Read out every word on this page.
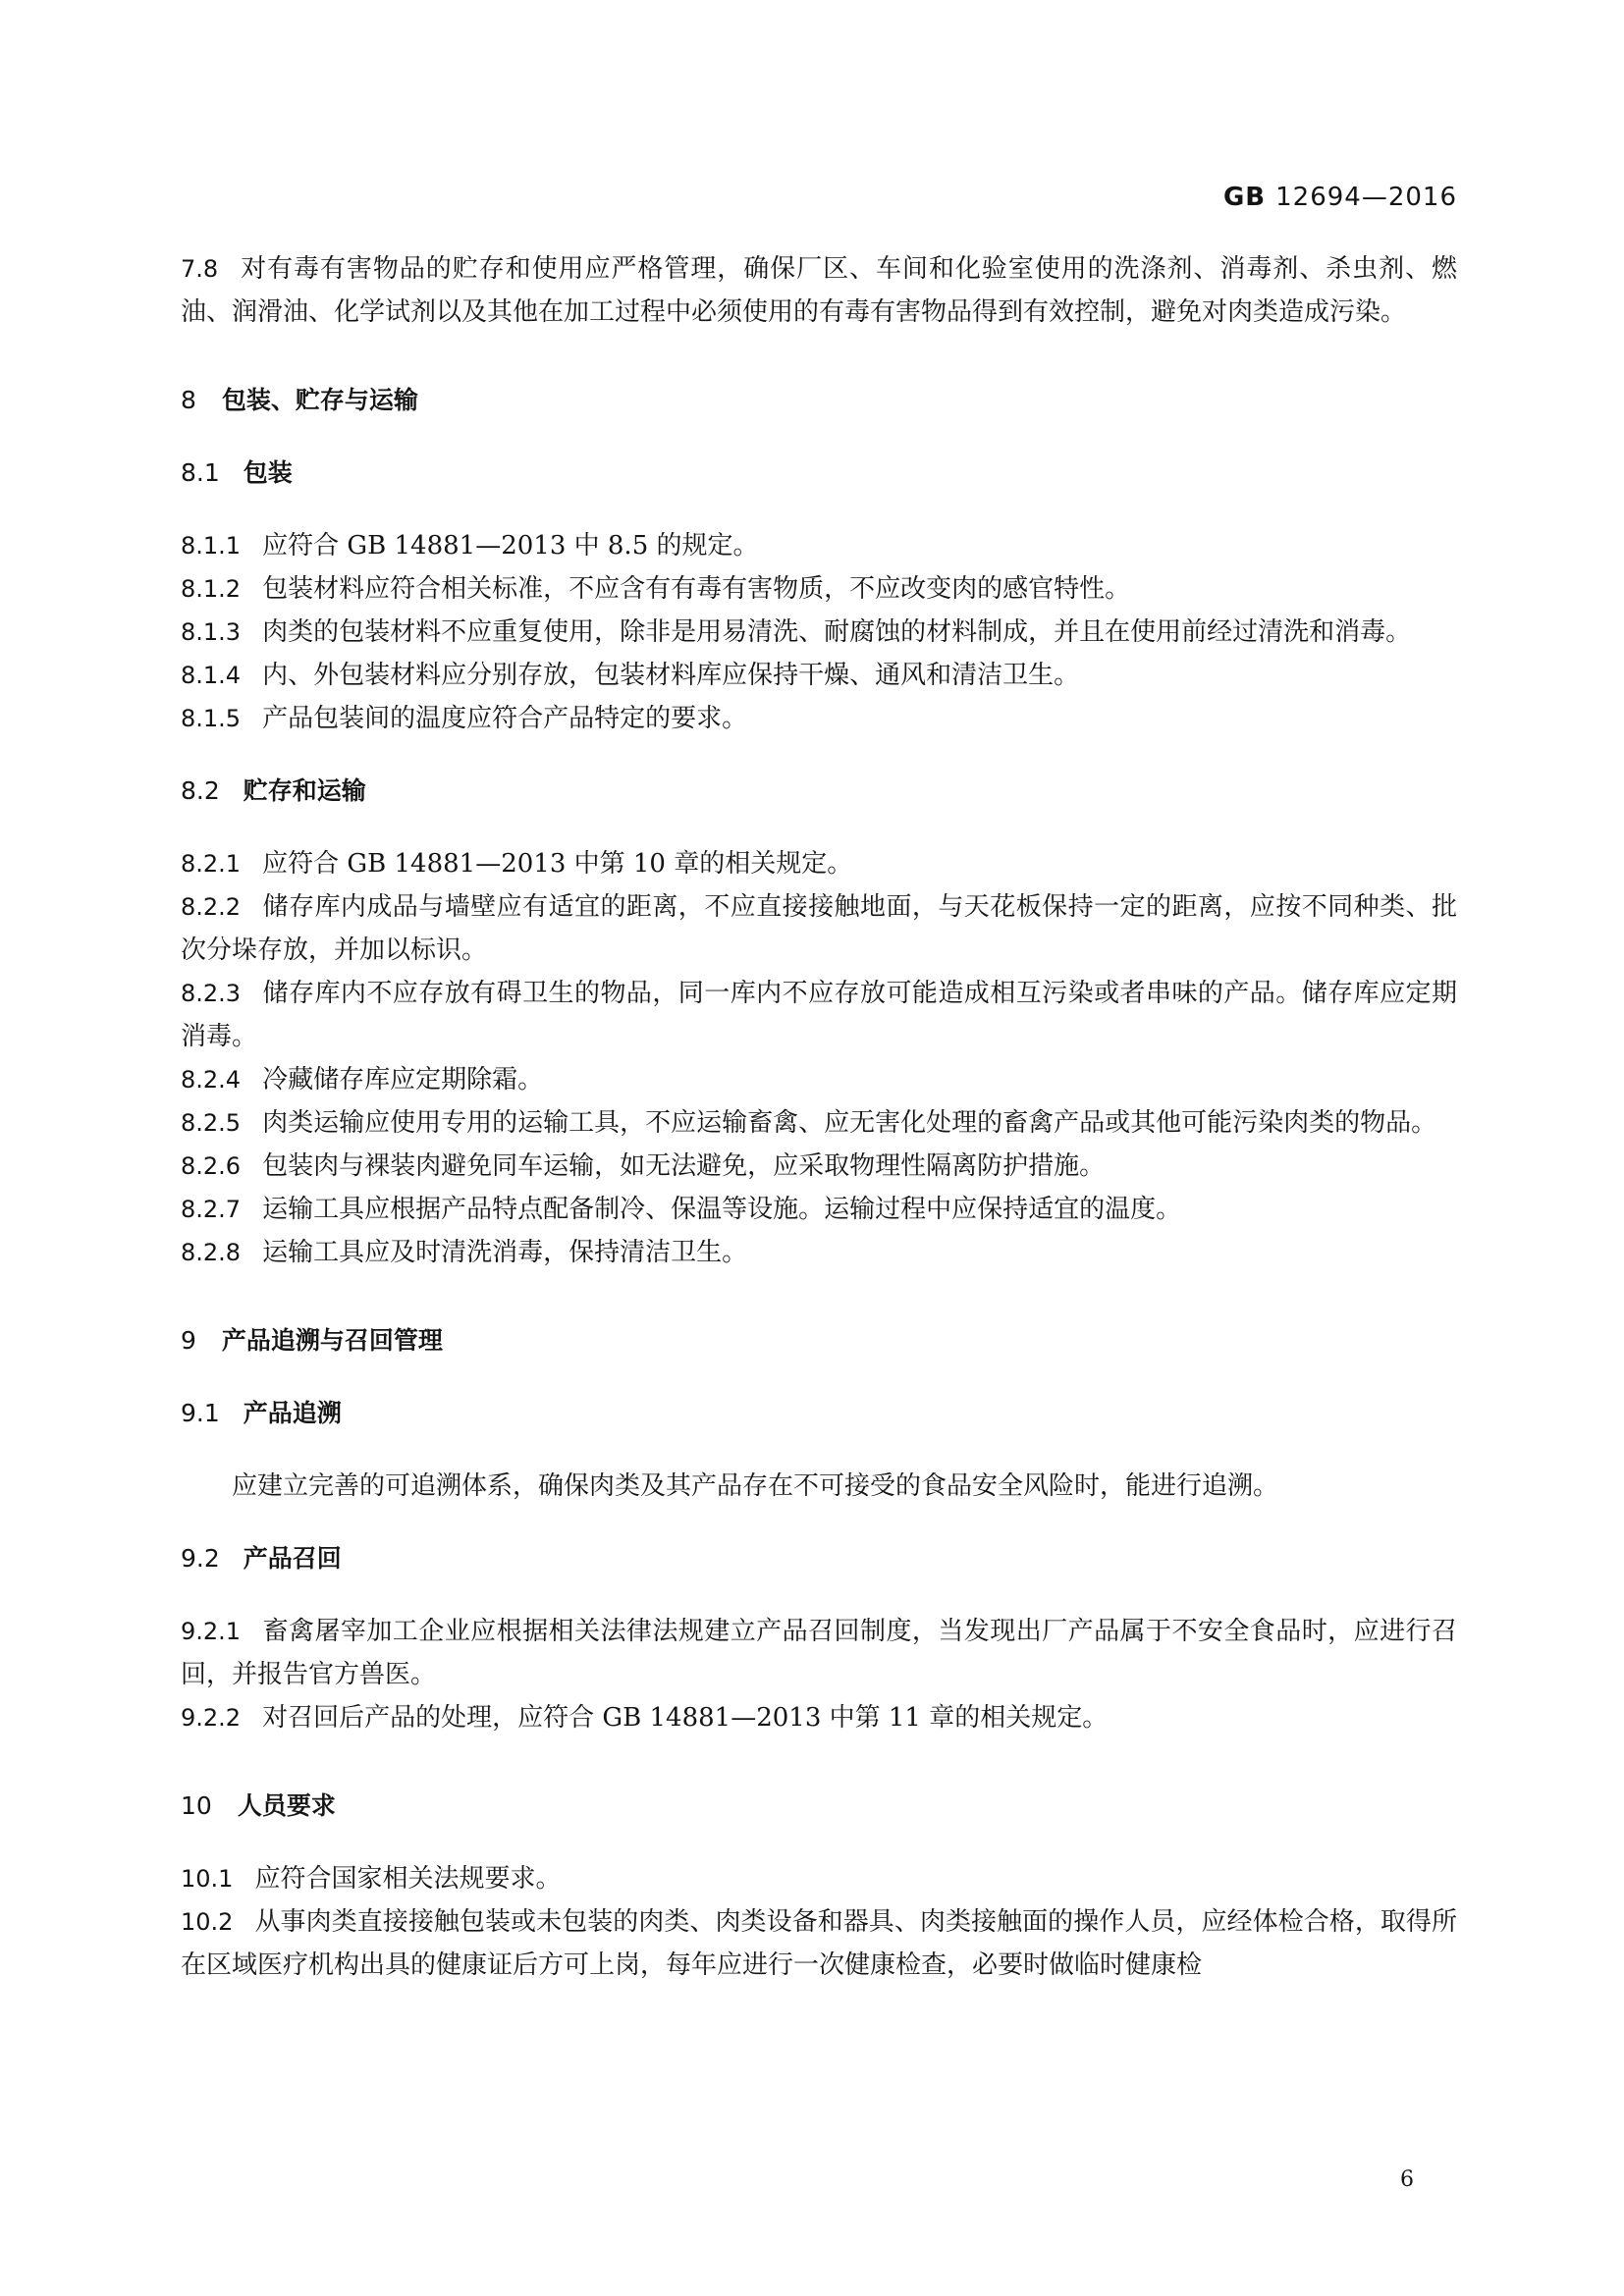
GB 12694—2016

7.8 对有毒有害物品的贮存和使用应严格管理，确保厂区、车间和化验室使用的洗涤剂、消毒剂、杀虫剂、燃油、润滑油、化学试剂以及其他在加工过程中必须使用的有毒有害物品得到有效控制，避免对肉类造成污染。

8 包装、贮存与运输
8.1 包装

8.1.1 应符合 GB 14881—2013 中 8.5 的规定。

8.1.2 包装材料应符合相关标准，不应含有有毒有害物质，不应改变肉的感官特性。

8.1.3 肉类的包装材料不应重复使用，除非是用易清洗、耐腐蚀的材料制成，并且在使用前经过清洗和消毒。

8.1.4 内、外包装材料应分别存放，包装材料库应保持干燥、通风和清洁卫生。

8.1.5 产品包装间的温度应符合产品特定的要求。

8.2 贮存和运输

8.2.1 应符合 GB 14881—2013 中第 10 章的相关规定。

8.2.2 储存库内成品与墙壁应有适宜的距离，不应直接接触地面，与天花板保持一定的距离，应按不同种类、批次分垛存放，并加以标识。

8.2.3 储存库内不应存放有碍卫生的物品，同一库内不应存放可能造成相互污染或者串味的产品。储存库应定期消毒。

8.2.4 冷藏储存库应定期除霜。

8.2.5 肉类运输应使用专用的运输工具，不应运输畜禽、应无害化处理的畜禽产品或其他可能污染肉类的物品。

8.2.6 包装肉与裸装肉避免同车运输，如无法避免，应采取物理性隔离防护措施。

8.2.7 运输工具应根据产品特点配备制冷、保温等设施。运输过程中应保持适宜的温度。

8.2.8 运输工具应及时清洗消毒，保持清洁卫生。

9 产品追溯与召回管理
9.1 产品追溯

应建立完善的可追溯体系，确保肉类及其产品存在不可接受的食品安全风险时，能进行追溯。

9.2 产品召回

9.2.1 畜禽屠宰加工企业应根据相关法律法规建立产品召回制度，当发现出厂产品属于不安全食品时，应进行召回，并报告官方兽医。

9.2.2 对召回后产品的处理，应符合 GB 14881—2013 中第 11 章的相关规定。

10 人员要求

10.1 应符合国家相关法规要求。

10.2 从事肉类直接接触包装或未包装的肉类、肉类设备和器具、肉类接触面的操作人员，应经体检合格，取得所在区域医疗机构出具的健康证后方可上岗，每年应进行一次健康检查，必要时做临时健康检

6
